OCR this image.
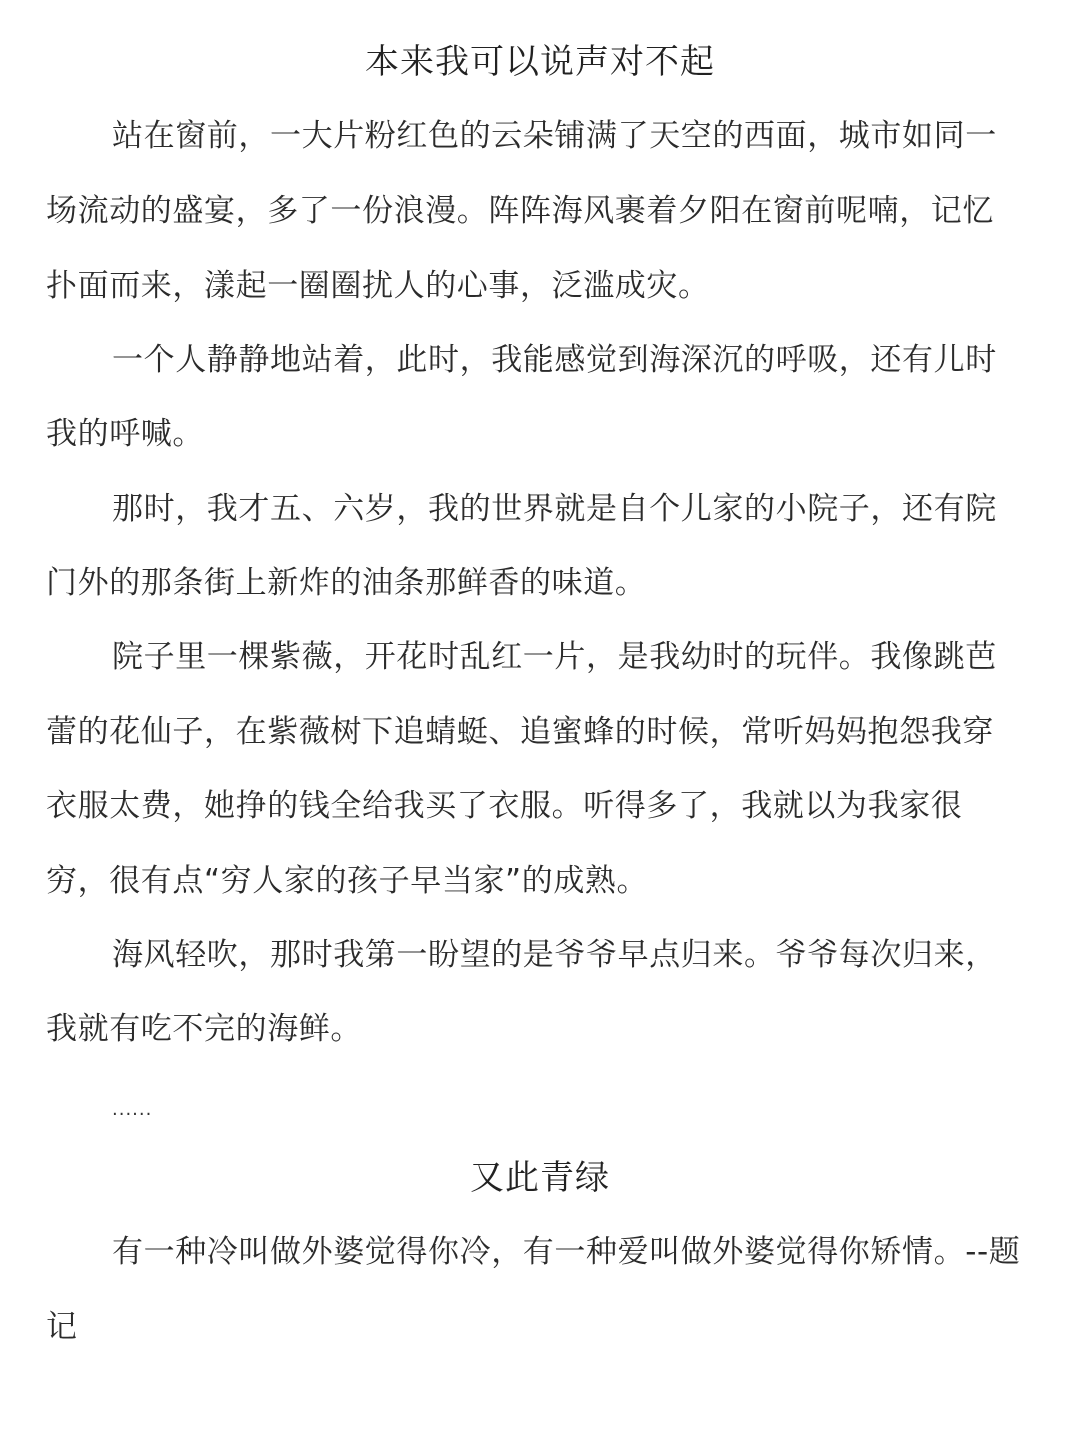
本来我可以说声对不起
站在窗前，一大片粉红色的云朵铺满了天空的西面，城市如同一
场流动的盛宴，多了一份浪漫。阵阵海风裹着夕阳在窗前呢喃，记忆
扑面而来，漾起一圈圈扰人的心事，泛滥成灾。
一个人静静地站着，此时，我能感觉到海深沉的呼吸，还有儿时
我的呼喊。
那时，我才五、六岁，我的世界就是自个儿家的小院子，还有院
门外的那条街上新炸的油条那鲜香的味道。
院子里一棵紫薇，开花时乱红一片，是我幼时的玩伴。我像跳芭
蕾的花仙子，在紫薇树下追蜻蜓、追蜜蜂的时候，常听妈妈抱怨我穿
衣服太费，她挣的钱全给我买了衣服。听得多了，我就以为我家很
穷，很有点“穷人家的孩子早当家”的成熟。
海风轻吹，那时我第一盼望的是爷爷早点归来。爷爷每次归来，
我就有吃不完的海鲜。
......
又此青绿
有一种冷叫做外婆觉得你冷，有一种爱叫做外婆觉得你矫情。--题
记
